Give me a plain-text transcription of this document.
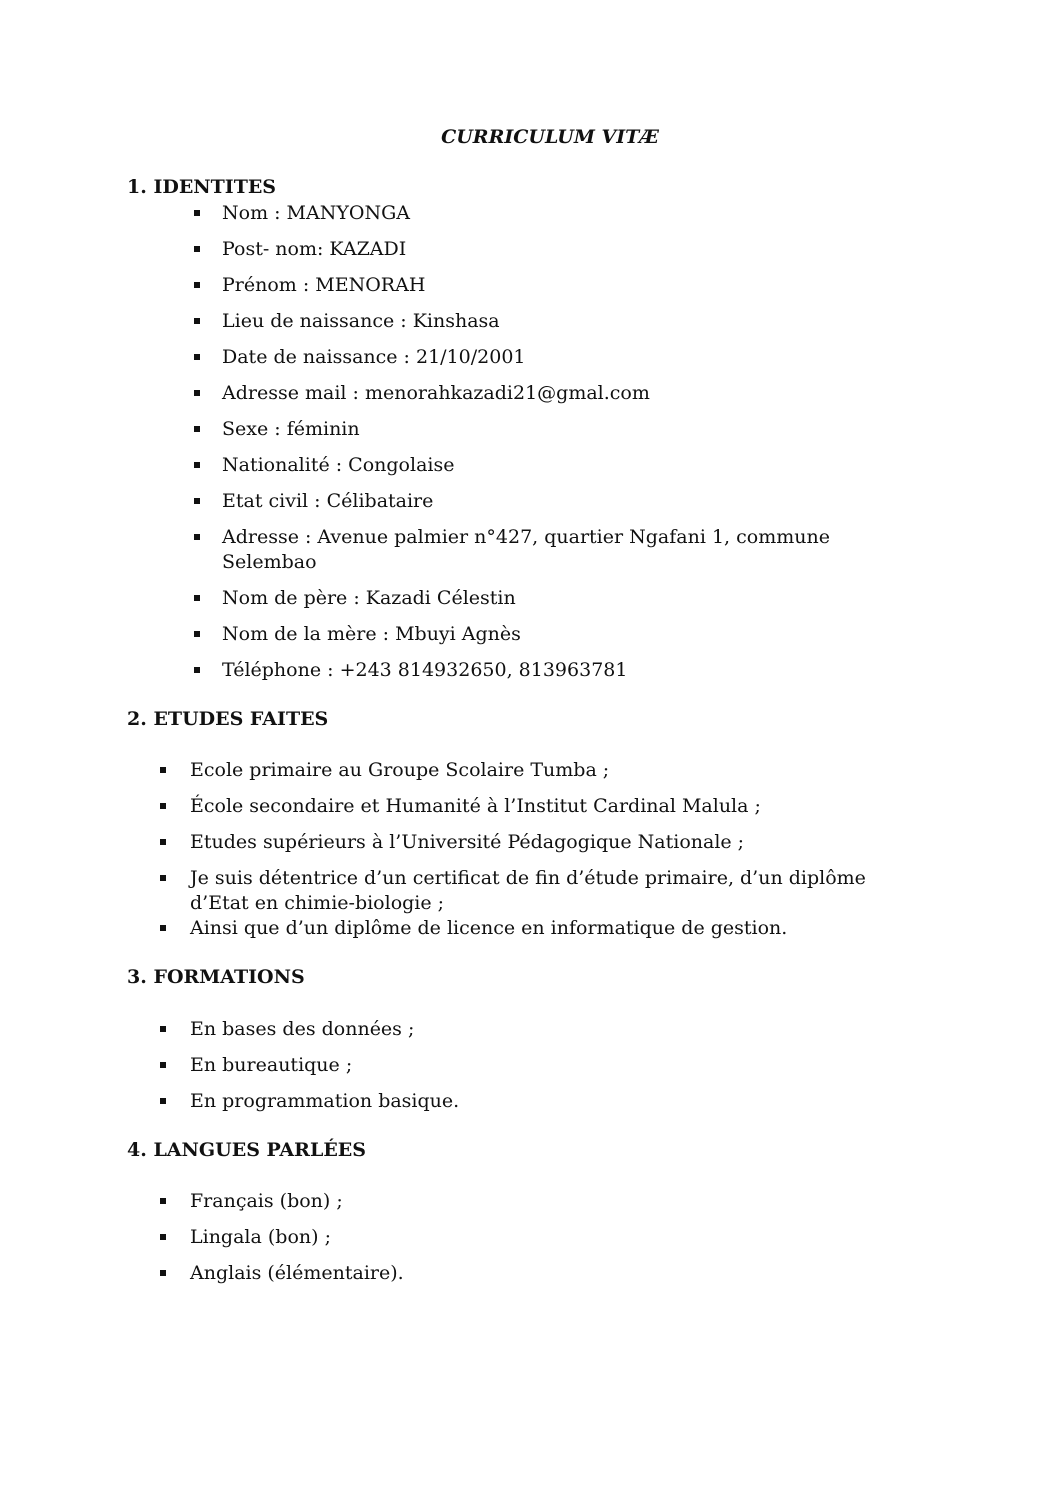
CURRICULUM VITÆ
1. IDENTITES
Nom : MANYONGA
Post- nom: KAZADI
Prénom : MENORAH
Lieu de naissance : Kinshasa
Date de naissance : 21/10/2001
Adresse mail : menorahkazadi21@gmal.com
Sexe : féminin
Nationalité : Congolaise
Etat civil : Célibataire
Adresse : Avenue palmier n°427, quartier Ngafani 1, commune Selembao
Nom de père : Kazadi Célestin
Nom de la mère : Mbuyi Agnès
Téléphone : +243 814932650, 813963781
2. ETUDES FAITES
Ecole primaire au Groupe Scolaire Tumba ;
École secondaire et Humanité à l’Institut Cardinal Malula ;
Etudes supérieurs à l’Université Pédagogique Nationale ;
Je suis détentrice d’un certificat de fin d’étude primaire, d’un diplôme d’Etat en chimie-biologie ;
Ainsi que d’un diplôme de licence en informatique de gestion.
3. FORMATIONS
En bases des données ;
En bureautique ;
En programmation basique.
4. LANGUES PARLÉES
Français (bon) ;
Lingala (bon) ;
Anglais (élémentaire).
